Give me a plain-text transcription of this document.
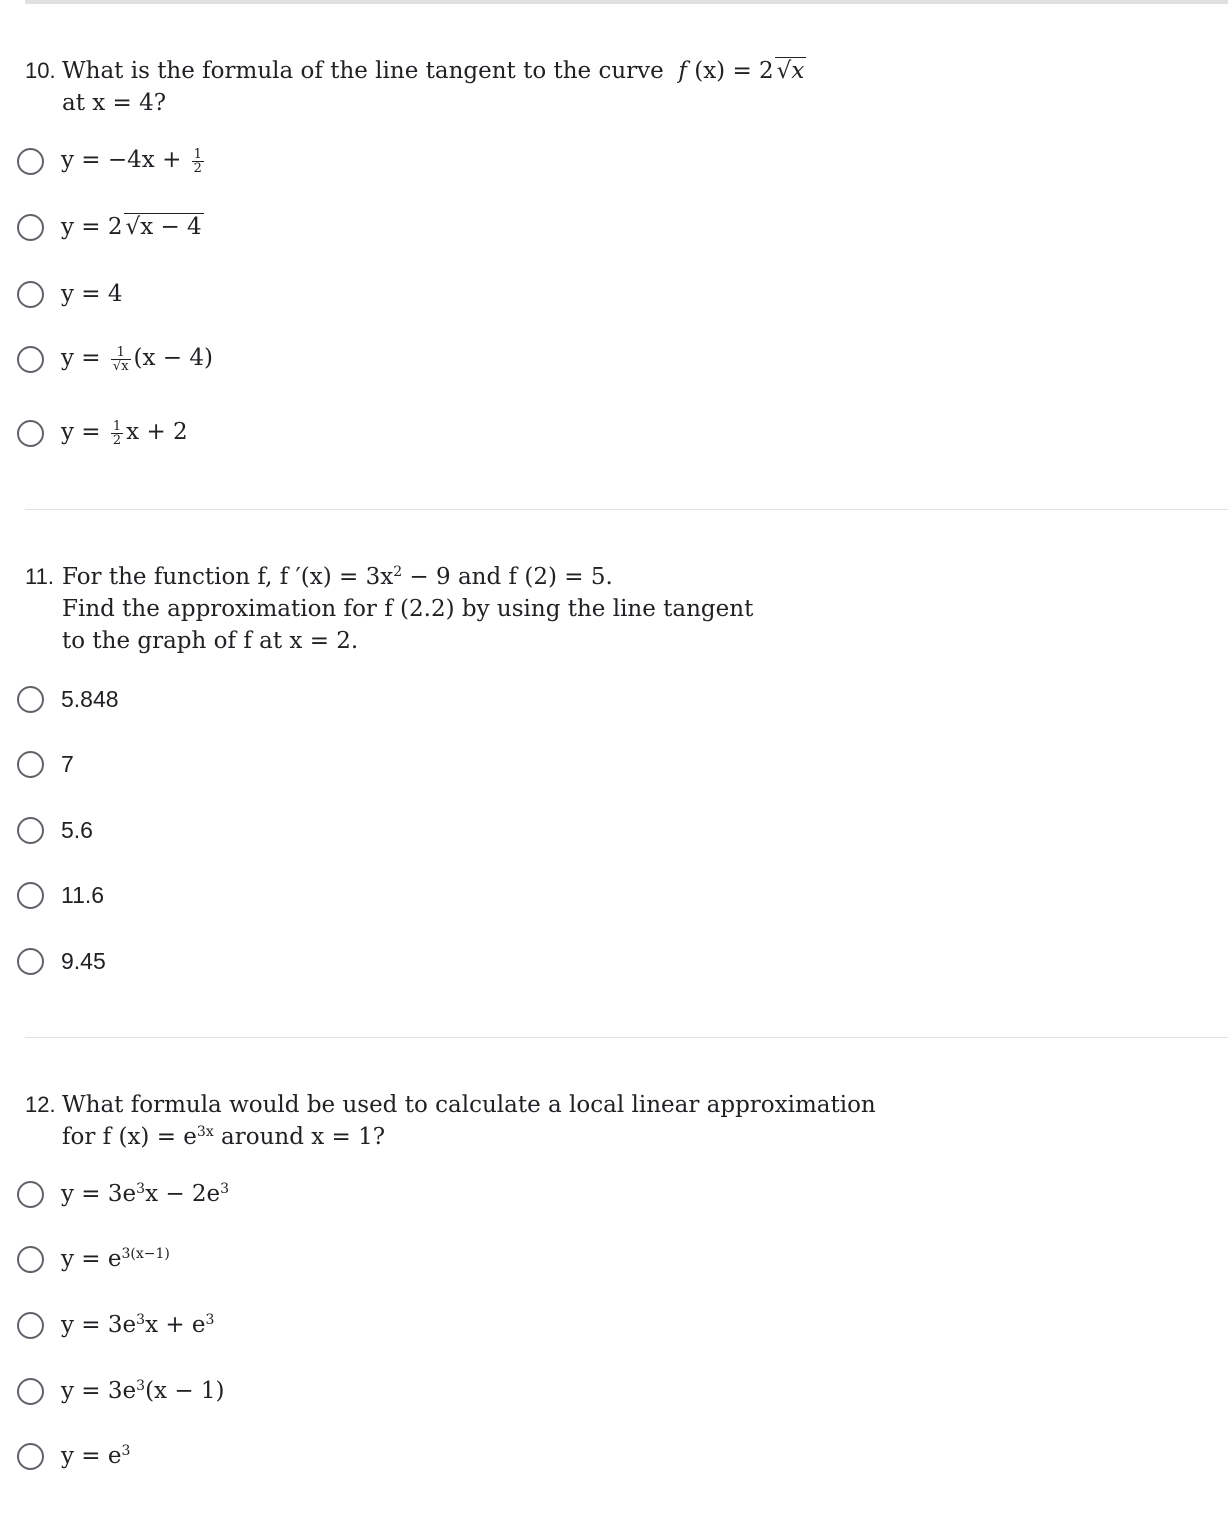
10. What is the formula of the line tangent to the curve f (x) = 2 √x
at x = 4?
$y = -4x + \frac{1}{2}$
y = 2 √x − 4
y = 4
$y = \frac{1}{√x} (x - 4)$
$y = \frac{1}{2}$ x + 2
11. For the function f, f $'(x) = 3x^2 - 9$ and f (2) = 5.
Find the approximation for f (2.2) by using the line tangent
to the graph of f at x = 2.
5.848
7
5.6
11.6
9.45
12. What formula would be used to calculate a local linear approximation
for f $(x) = e^{3x}$ around x = 1?
$y = 3e^3x - 2e^3$
$y = e^{3(x-1)}$
$y = 3e^3x + e^3$
$y = 3e^3(x - 1)$
$y = e^3$
